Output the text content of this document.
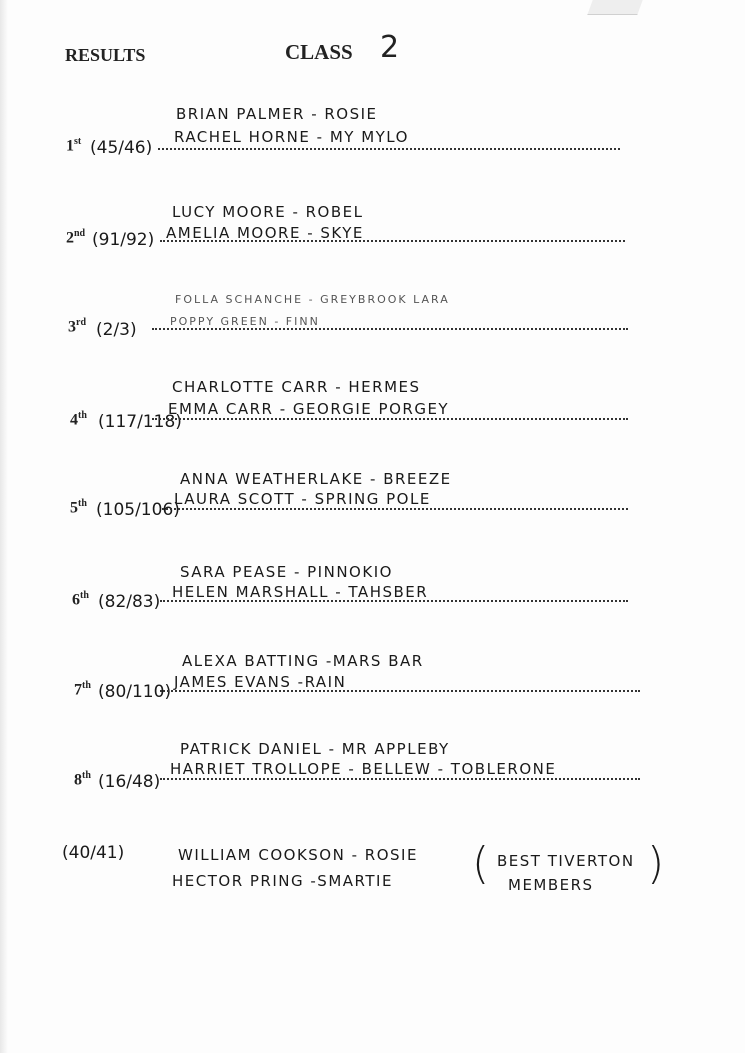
RESULTS	CLASS 2
1st (45/46)
BRIAN PALMER - ROSIE
RACHEL HORNE - MY MYLO
2nd (91/92)
LUCY MOORE - ROBEL
AMELIA MOORE - SKYE
3rd (2/3)
FOLLA SCHANCHE - GREYBROOK LARA
POPPY GREEN - FINN
4th (117/118)
CHARLOTTE CARR - HERMES
EMMA CARR - GEORGIE PORGEY
5th (105/106)
ANNA WEATHERLAKE - BREEZE
LAURA SCOTT - SPRING POLE
6th (82/83)
SARA PEASE - PINNOKIO
HELEN MARSHALL - TAHSBER
7th (80/110)
ALEXA BATTING -MARS BAR
JAMES EVANS -RAIN
8th (16/48)
PATRICK DANIEL - MR APPLEBY
HARRIET TROLLOPE - BELLEW - TOBLERONE
(40/41)	WILLIAM COOKSON - ROSIE
HECTOR PRING -SMARTIE ( BEST TIVERTON
MEMBERS )
